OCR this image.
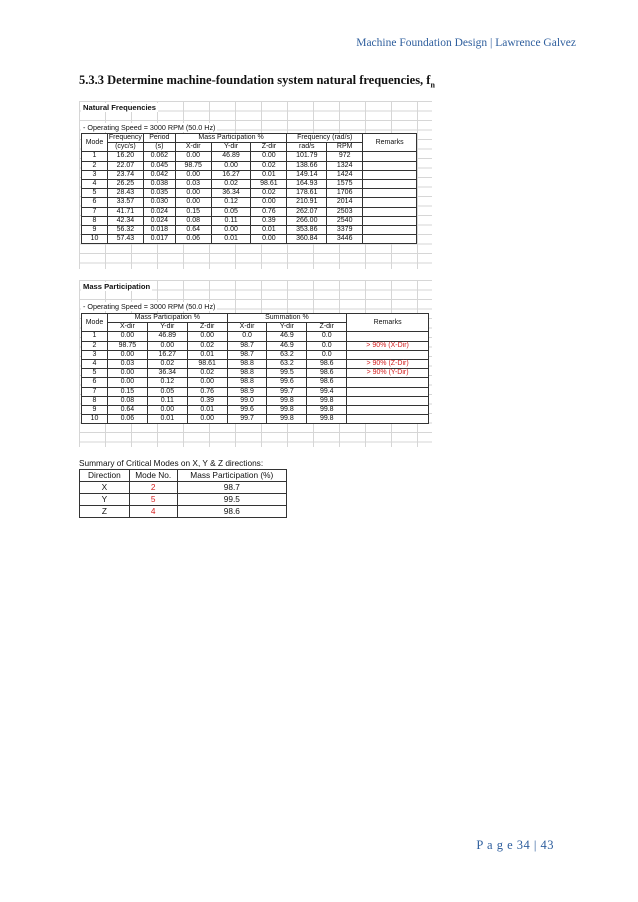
Machine Foundation Design | Lawrence Galvez
5.3.3 Determine machine-foundation system natural frequencies, $f_n$
Natural Frequencies
- Operating Speed = 3000 RPM (50.0 Hz)
Mode	Frequency	Period	Mass Participation %			Frequency (rad/s)		Remarks
	(cyc/s)	(s)	X-dir	Y-dir	Z-dir	rad/s	RPM	
1	16.20	0.062	0.00	46.89	0.00	101.79	972	
2	22.07	0.045	98.75	0.00	0.02	138.66	1324	
3	23.74	0.042	0.00	16.27	0.01	149.14	1424	
4	26.25	0.038	0.03	0.02	98.61	164.93	1575	
5	28.43	0.035	0.00	36.34	0.02	178.61	1706	
6	33.57	0.030	0.00	0.12	0.00	210.91	2014	
7	41.71	0.024	0.15	0.05	0.76	262.07	2503	
8	42.34	0.024	0.08	0.11	0.39	266.00	2540	
9	56.32	0.018	0.64	0.00	0.01	353.86	3379	
10	57.43	0.017	0.06	0.01	0.00	360.84	3446	
Mass Participation
- Operating Speed = 3000 RPM (50.0 Hz)
Mode	Mass Participation %			Summation %			Remarks
	X-dir	Y-dir	Z-dir	X-dir	Y-dir	Z-dir	
1	0.00	46.89	0.00	0.0	46.9	0.0	
2	98.75	0.00	0.02	98.7	46.9	0.0	> 90% (X-Dir)
3	0.00	16.27	0.01	98.7	63.2	0.0	
4	0.03	0.02	98.61	98.8	63.2	98.6	> 90% (Z-Dir)
5	0.00	36.34	0.02	98.8	99.5	98.6	> 90% (Y-Dir)
6	0.00	0.12	0.00	98.8	99.6	98.6	
7	0.15	0.05	0.76	98.9	99.7	99.4	
8	0.08	0.11	0.39	99.0	99.8	99.8	
9	0.64	0.00	0.01	99.6	99.8	99.8	
10	0.06	0.01	0.00	99.7	99.8	99.8	
Summary of Critical Modes on X, Y & Z directions:
Direction	Mode No.	Mass Participation (%)
X	2	98.7
Y	5	99.5
Z	4	98.6
P a g e 34 | 43
